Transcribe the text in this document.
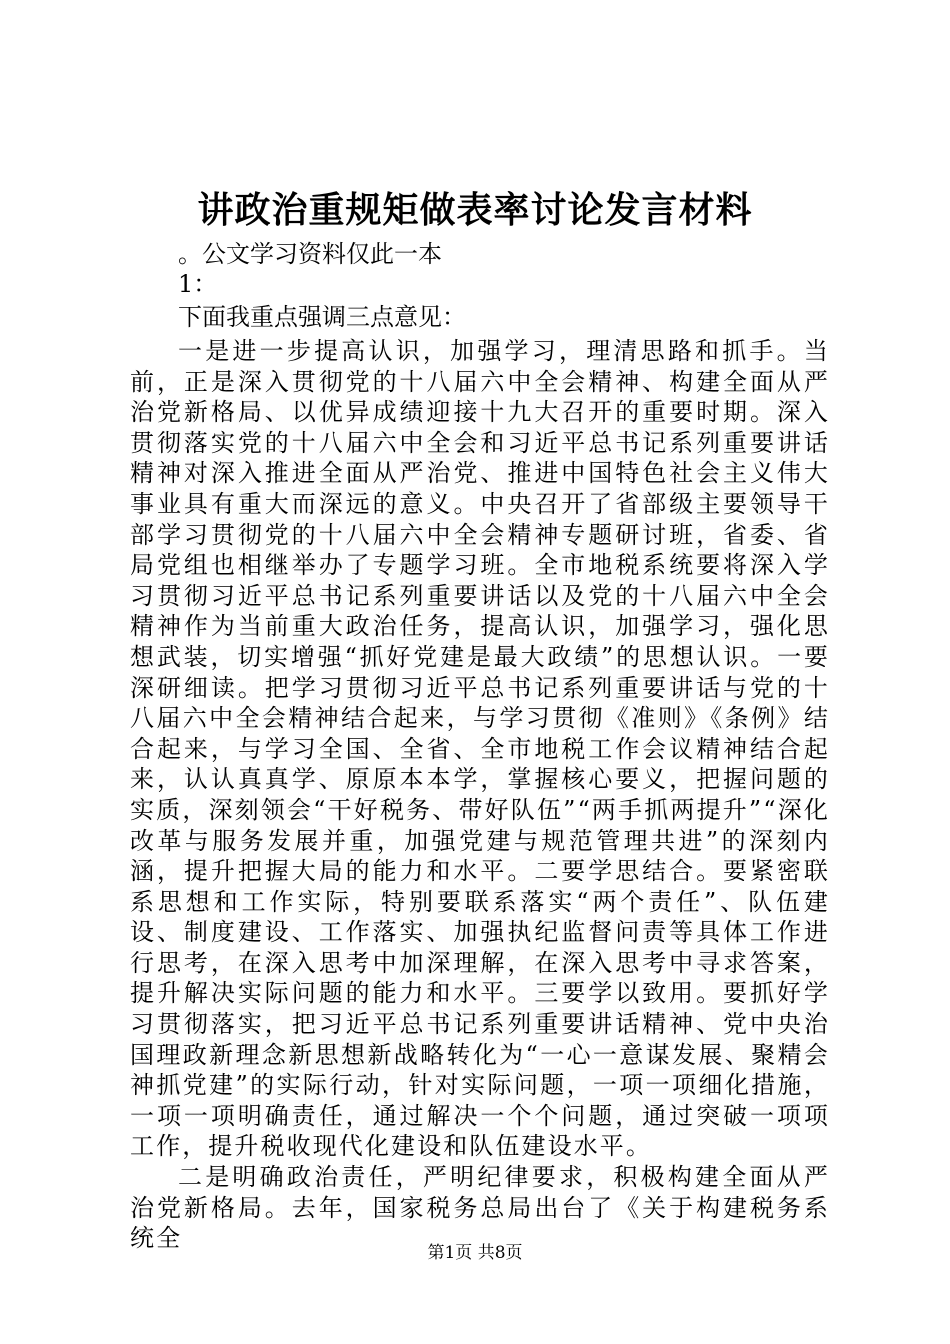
讲政治重规矩做表率讨论发言材料
。公文学习资料仅此一本
1：
下面我重点强调三点意见：

一是进一步提高认识，加强学习，理清思路和抓手。当前，正是深入贯彻党的十八届六中全会精神、构建全面从严治党新格局、以优异成绩迎接十九大召开的重要时期。深入贯彻落实党的十八届六中全会和习近平总书记系列重要讲话精神对深入推进全面从严治党、推进中国特色社会主义伟大事业具有重大而深远的意义。中央召开了省部级主要领导干部学习贯彻党的十八届六中全会精神专题研讨班，省委、省局党组也相继举办了专题学习班。全市地税系统要将深入学习贯彻习近平总书记系列重要讲话以及党的十八届六中全会精神作为当前重大政治任务，提高认识，加强学习，强化思想武装，切实增强“抓好党建是最大政绩”的思想认识。一要深研细读。把学习贯彻习近平总书记系列重要讲话与党的十八届六中全会精神结合起来，与学习贯彻《准则》《条例》结合起来，与学习全国、全省、全市地税工作会议精神结合起来，认认真真学、原原本本学，掌握核心要义，把握问题的实质，深刻领会“干好税务、带好队伍”“两手抓两提升”“深化改革与服务发展并重，加强党建与规范管理共进”的深刻内涵，提升把握大局的能力和水平。二要学思结合。要紧密联系思想和工作实际，特别要联系落实“两个责任”、队伍建设、制度建设、工作落实、加强执纪监督问责等具体工作进行思考，在深入思考中加深理解，在深入思考中寻求答案，提升解决实际问题的能力和水平。三要学以致用。要抓好学习贯彻落实，把习近平总书记系列重要讲话精神、党中央治国理政新理念新思想新战略转化为“一心一意谋发展、聚精会神抓党建”的实际行动，针对实际问题，一项一项细化措施，一项一项明确责任，通过解决一个个问题，通过突破一项项工作，提升税收现代化建设和队伍建设水平。

二是明确政治责任，严明纪律要求，积极构建全面从严治党新格局。去年，国家税务总局出台了《关于构建税务系统全

第1页 共8页
